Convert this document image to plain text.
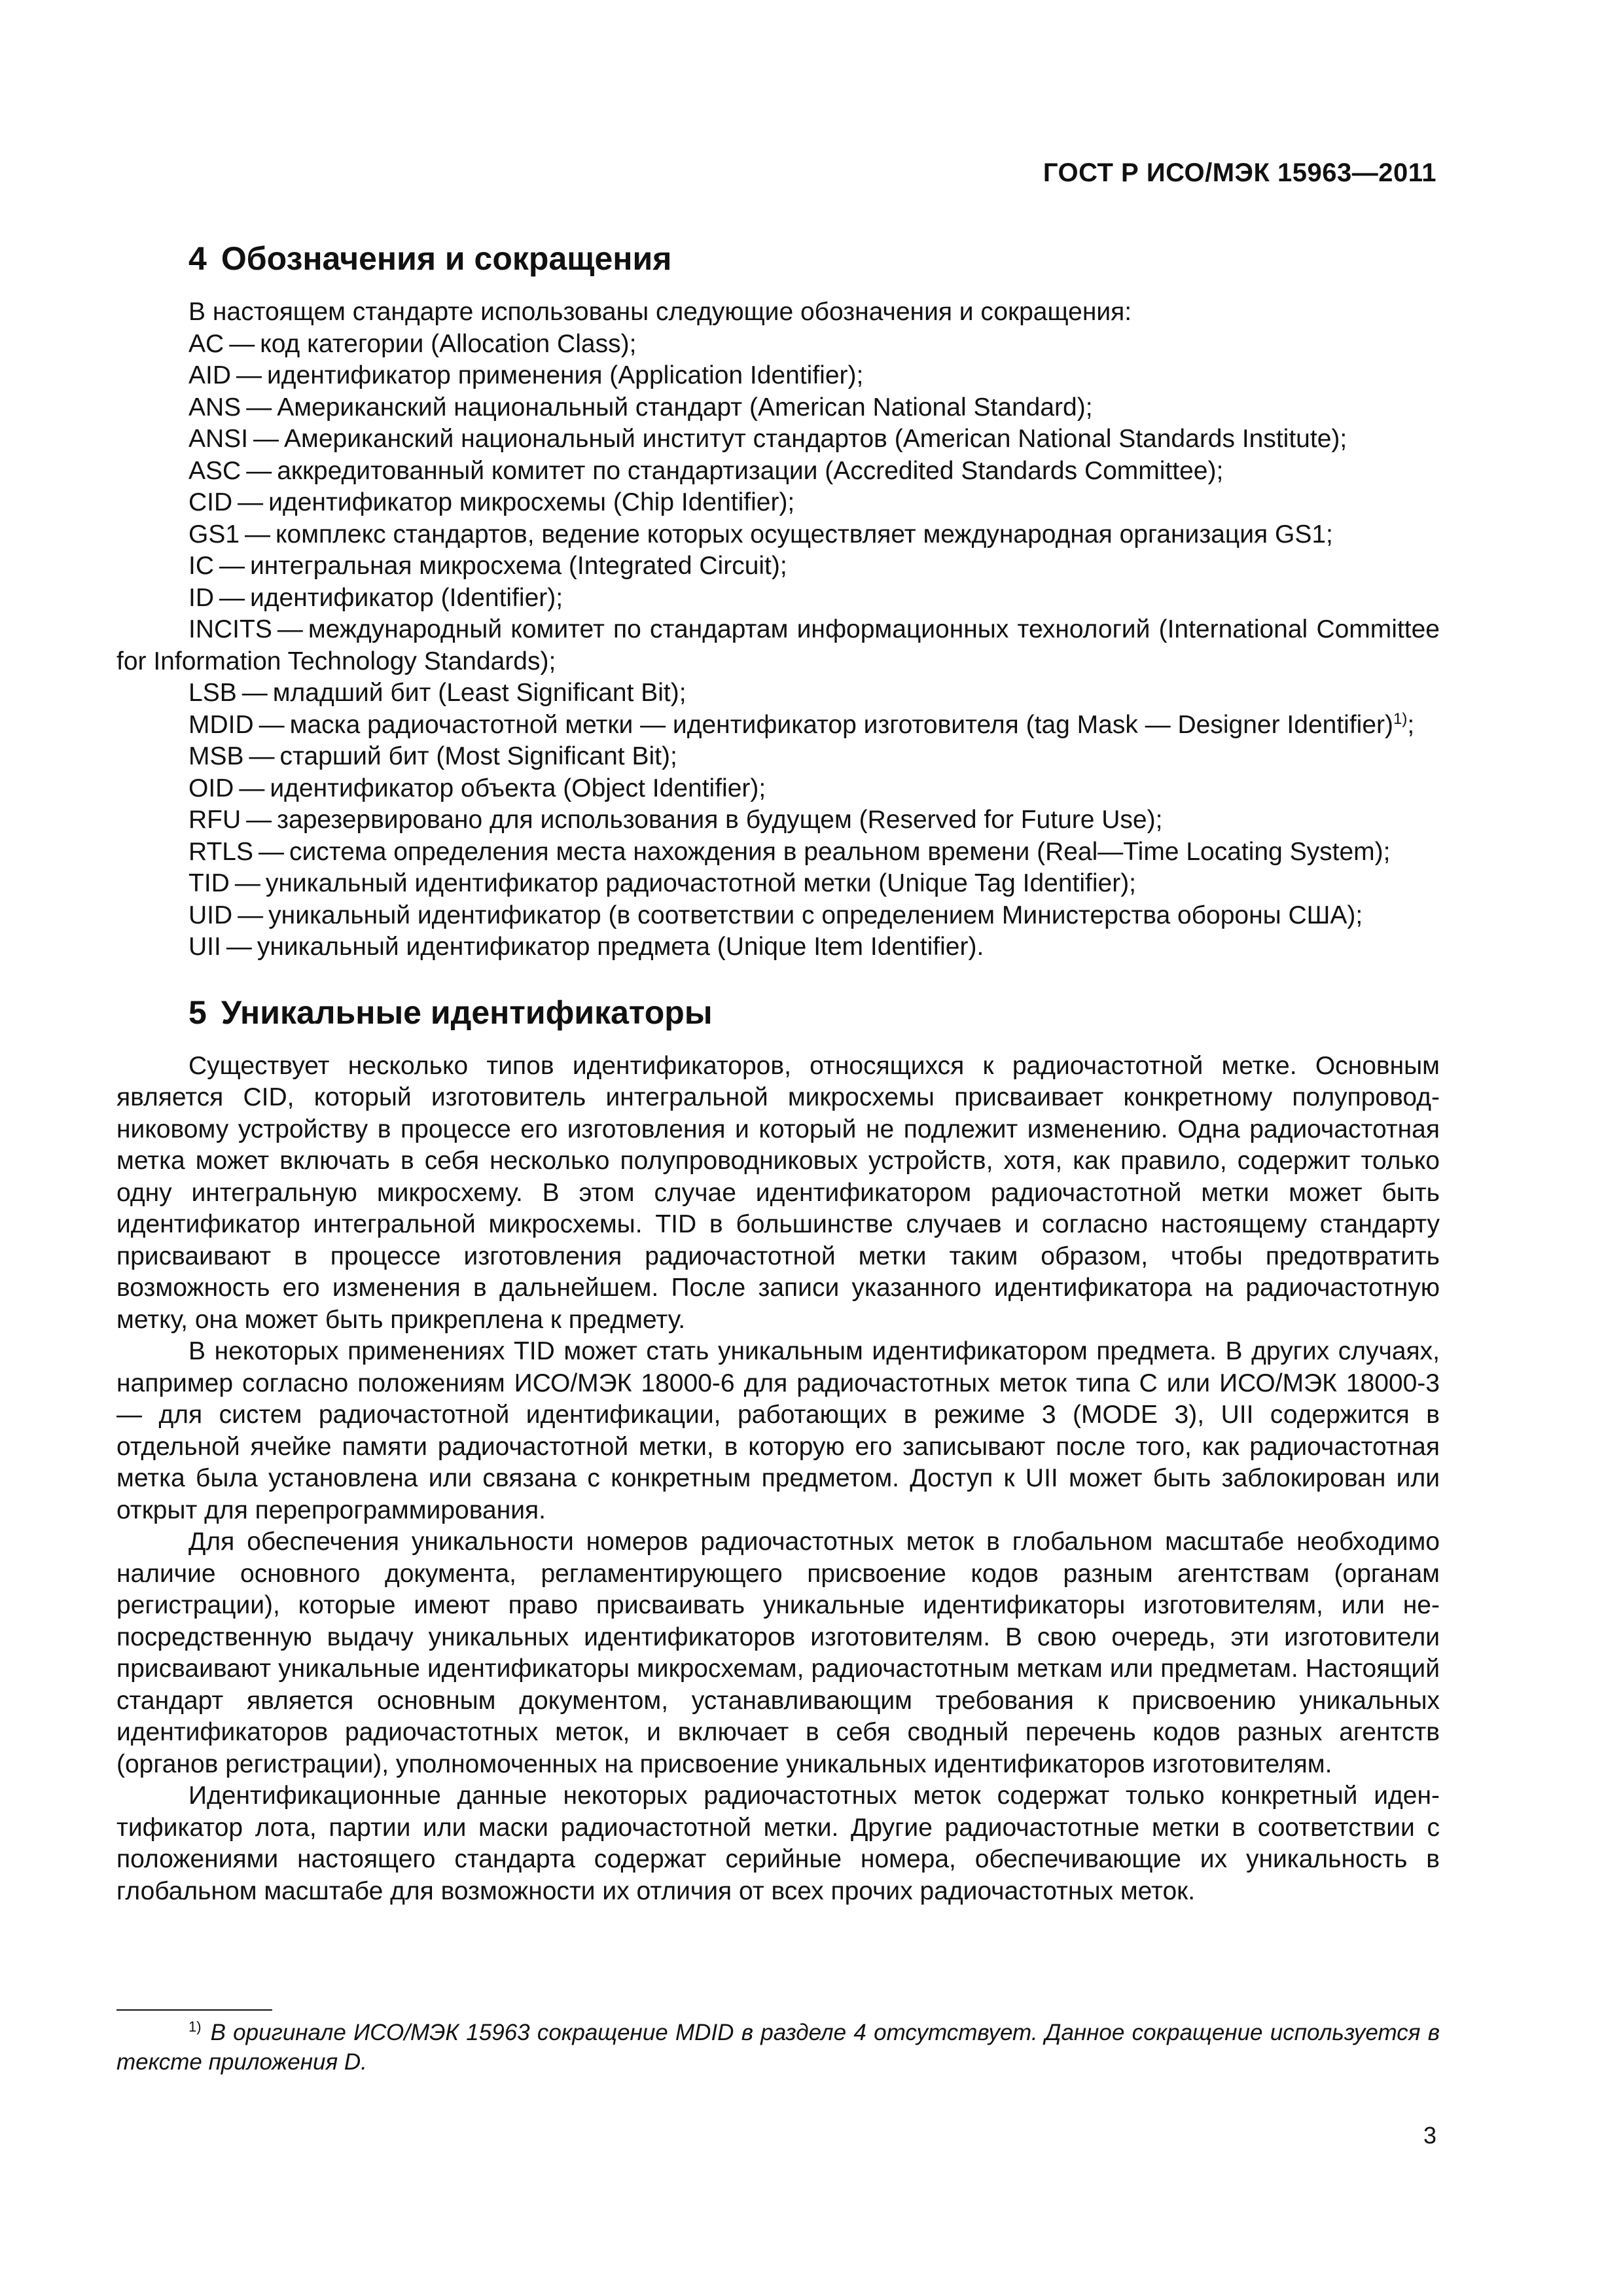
ГОСТ Р ИСО/МЭК 15963—2011
4 Обозначения и сокращения

В настоящем стандарте использованы следующие обозначения и сокращения:

AC — код категории (Allocation Class);
AID — идентификатор применения (Application Identifier);
ANS — Американский национальный стандарт (American National Standard);
ANSI — Американский национальный институт стандартов (American National Standards Institute);
ASC — аккредитованный комитет по стандартизации (Accredited Standards Committee);
CID — идентификатор микросхемы (Chip Identifier);
GS1 — комплекс стандартов, ведение которых осуществляет международная организация GS1;
IC — интегральная микросхема (Integrated Circuit);
ID — идентификатор (Identifier);
INCITS — международный комитет по стандартам информационных технологий (International Committee for Information Technology Standards);
LSB — младший бит (Least Significant Bit);
MDID — маска радиочастотной метки — идентификатор изготовителя (tag Mask — Designer Identifier)$^{1)}$;
MSB — старший бит (Most Significant Bit);
OID — идентификатор объекта (Object Identifier);
RFU — зарезервировано для использования в будущем (Reserved for Future Use);
RTLS — система определения места нахождения в реальном времени (Real—Time Locating System);
TID — уникальный идентификатор радиочастотной метки (Unique Tag Identifier);
UID — уникальный идентификатор (в соответствии с определением Министерства обороны США);
UII — уникальный идентификатор предмета (Unique Item Identifier).
5 Уникальные идентификаторы

Существует несколько типов идентификаторов, относящихся к радиочастотной метке. Основным является CID, который изготовитель интегральной микросхемы присваивает конкретному полупроводниковому устройству в процессе его изготовления и который не подлежит изменению. Одна радиочастотная метка может включать в себя несколько полупроводниковых устройств, хотя, как правило, содержит только одну интегральную микросхему. В этом случае идентификатором радиочастотной метки может быть идентификатор интегральной микросхемы. TID в большинстве случаев и согласно настоящему стандарту присваивают в процессе изготовления радиочастотной метки таким образом, чтобы предотвратить возможность его изменения в дальнейшем. После записи указанного идентификатора на радиочастотную метку, она может быть прикреплена к предмету.

В некоторых применениях TID может стать уникальным идентификатором предмета. В других случаях, например согласно положениям ИСО/МЭК 18000-6 для радиочастотных меток типа C или ИСО/МЭК 18000-3 — для систем радиочастотной идентификации, работающих в режиме 3 (MODE 3), UII содержится в отдельной ячейке памяти радиочастотной метки, в которую его записывают после того, как радиочастотная метка была установлена или связана с конкретным предметом. Доступ к UII может быть заблокирован или открыт для перепрограммирования.

Для обеспечения уникальности номеров радиочастотных меток в глобальном масштабе необходимо наличие основного документа, регламентирующего присвоение кодов разным агентствам (органам регистрации), которые имеют право присваивать уникальные идентификаторы изготовителям, или непосредственную выдачу уникальных идентификаторов изготовителям. В свою очередь, эти изготовители присваивают уникальные идентификаторы микросхемам, радиочастотным меткам или предметам. Настоящий стандарт является основным документом, устанавливающим требования к присвоению уникальных идентификаторов радиочастотных меток, и включает в себя сводный перечень кодов разных агентств (органов регистрации), уполномоченных на присвоение уникальных идентификаторов изготовителям.

Идентификационные данные некоторых радиочастотных меток содержат только конкретный идентификатор лота, партии или маски радиочастотной метки. Другие радиочастотные метки в соответствии с положениями настоящего стандарта содержат серийные номера, обеспечивающие их уникальность в глобальном масштабе для возможности их отличия от всех прочих радиочастотных меток.

$^{1)}$ В оригинале ИСО/МЭК 15963 сокращение MDID в разделе 4 отсутствует. Данное сокращение используется в тексте приложения D.
3
